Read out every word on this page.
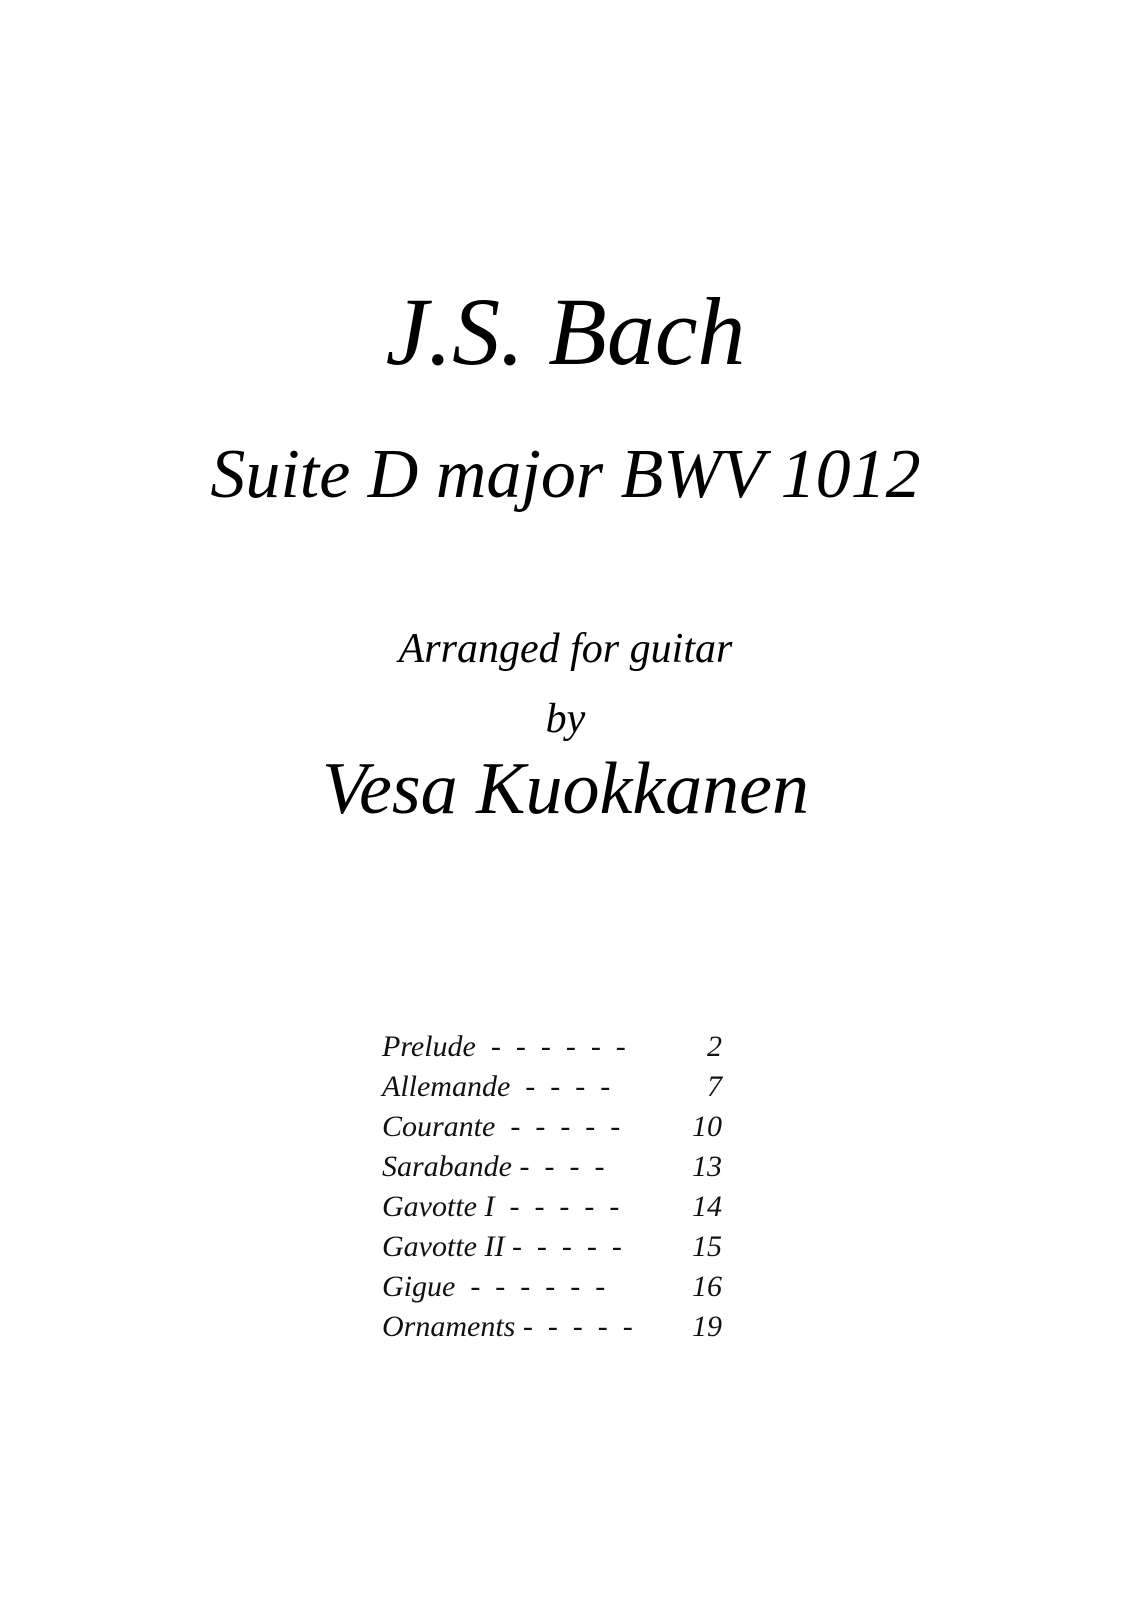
J.S. Bach
Suite D major BWV 1012
Arranged for guitar
by
Vesa Kuokkanen
Prelude  -  -  -  -  -  -	2
Allemande  -  -  -  -	7
Courante  -  -  -  -  - 10
Sarabande -  -  -  -	13
Gavotte I  -  -  -  -  - 14
Gavotte II -  -  -  -  - 15
Gigue  -  -  -  -  -  -	16
Ornaments -  -  -  -  - 19
